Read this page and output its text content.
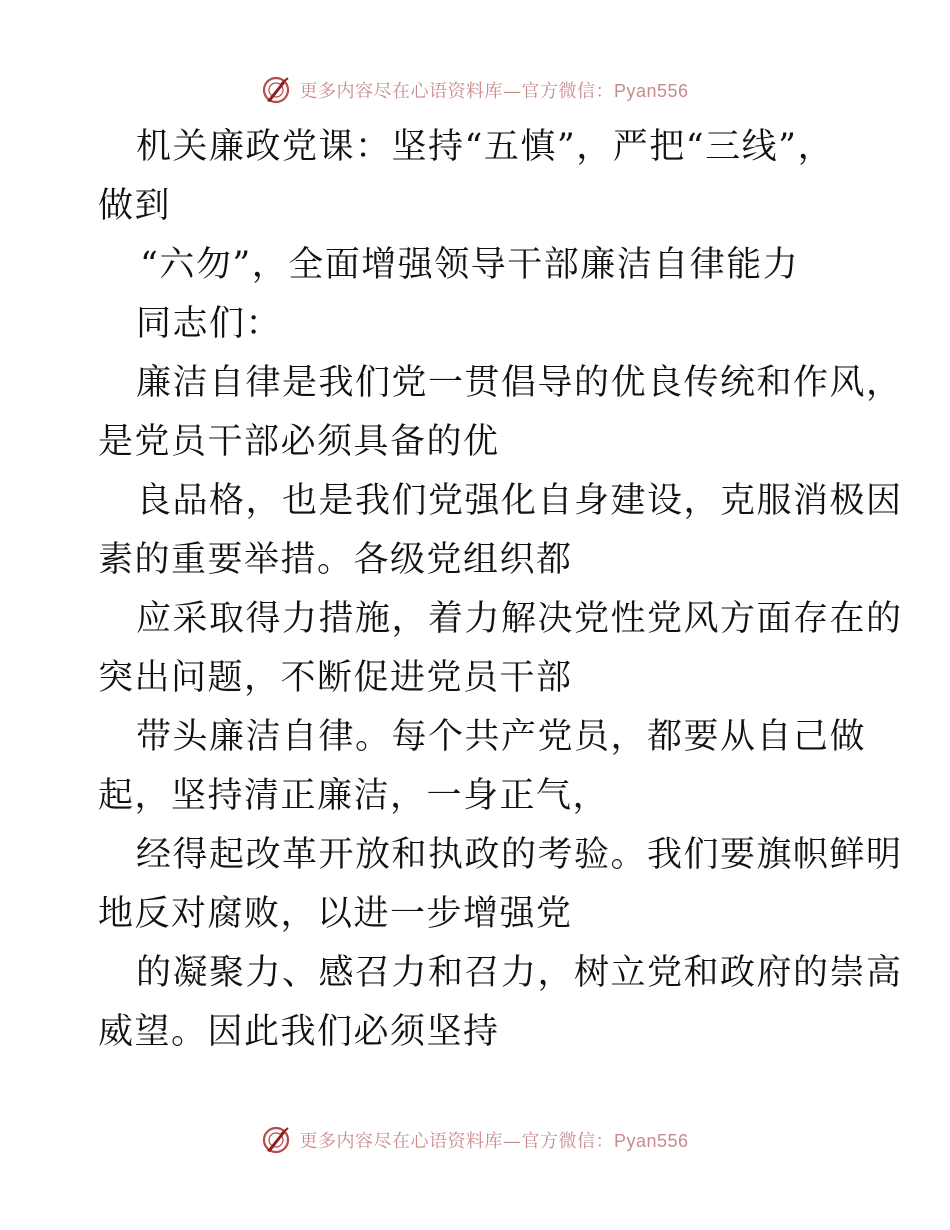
更多内容尽在心语资料库—官方微信：Pyan556
机关廉政党课：坚持“五慎”，严把“三线”，
做到
“六勿”，全面增强领导干部廉洁自律能力
同志们：
廉洁自律是我们党一贯倡导的优良传统和作风，
是党员干部必须具备的优
良品格，也是我们党强化自身建设，克服消极因
素的重要举措。各级党组织都
应采取得力措施，着力解决党性党风方面存在的
突出问题，不断促进党员干部
带头廉洁自律。每个共产党员，都要从自己做
起，坚持清正廉洁，一身正气，
经得起改革开放和执政的考验。我们要旗帜鲜明
地反对腐败，以进一步增强党
的凝聚力、感召力和召力，树立党和政府的崇高
威望。因此我们必须坚持
更多内容尽在心语资料库—官方微信：Pyan556
